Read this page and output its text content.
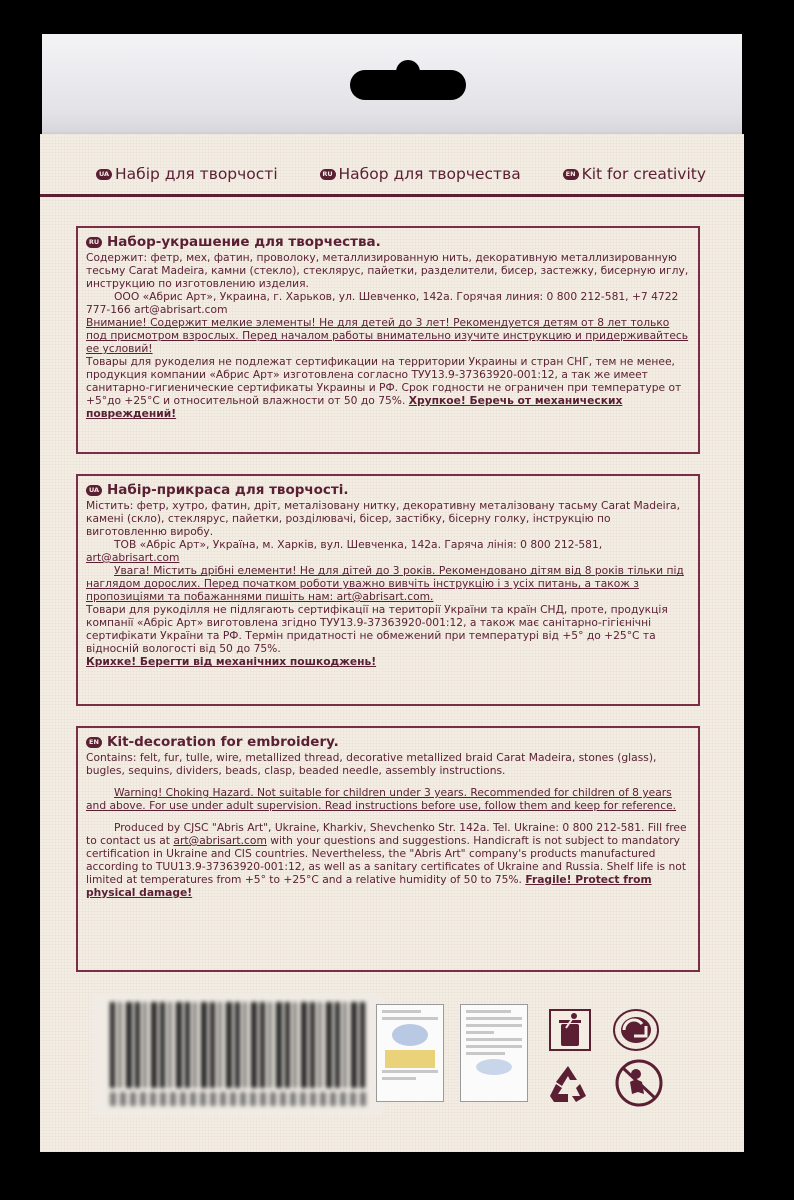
UA Набір для творчості	RU Набор для творчества	EN Kit for creativity

RU Набор-украшение для творчества.

Содержит: фетр, мех, фатин, проволоку, металлизированную нить, декоративную металлизированную тесьму Carat Madeira, камни (стекло), стеклярус, пайетки, разделители, бисер, застежку, бисерную иглу, инструкцию по изготовлению изделия.

ООО «Абрис Арт», Украина, г. Харьков, ул. Шевченко, 142а. Горячая линия: 0 800 212-581, +7 4722 777-166 art@abrisart.com

Внимание! Содержит мелкие элементы! Не для детей до 3 лет! Рекомендуется детям от 8 лет только под присмотром взрослых. Перед началом работы внимательно изучите инструкцию и придерживайтесь ее условий!

Товары для рукоделия не подлежат сертификации на территории Украины и стран СНГ, тем не менее, продукция компании «Абрис Арт» изготовлена согласно ТУУ13.9-37363920-001:12, а так же имеет санитарно-гигиенические сертификаты Украины и РФ. Срок годности не ограничен при температуре от +5°до +25°С и относительной влажности от 50 до 75%. Хрупкое! Беречь от механических повреждений!

UA Набір-прикраса для творчості.

Містить: фетр, хутро, фатин, дріт, металізовану нитку, декоративну металізовану тасьму Carat Madeira, камені (скло), стеклярус, пайетки, розділювачі, бісер, застібку, бісерну голку, інструкцію по виготовленню виробу.

ТОВ «Абріс Арт», Україна, м. Харків, вул. Шевченка, 142а. Гаряча лінія: 0 800 212-581,

art@abrisart.com

Увага! Містить дрібні елементи! Не для дітей до 3 років. Рекомендовано дітям від 8 років тільки під наглядом дорослих. Перед початком роботи уважно вивчіть інструкцію і з усіх питань, а також з пропозиціями та побажаннями пишіть нам: art@abrisart.com.

Товари для рукоділля не підлягають сертифікації на території України та країн СНД, проте, продукція компанії «Абріс Арт» виготовлена згідно ТУУ13.9-37363920-001:12, а також має санітарно-гігієнічні сертифікати України та РФ. Термін придатності не обмежений при температурі від +5° до +25°С та відносній вологості від 50 до 75%.

Крихке! Берегти від механічних пошкоджень!

EN Kit-decoration for embroidery.

Contains: felt, fur, tulle, wire, metallized thread, decorative metallized braid Carat Madeira, stones (glass), bugles, sequins, dividers, beads, clasp, beaded needle, assembly instructions.

Warning! Choking Hazard. Not suitable for children under 3 years. Recommended for children of 8 years and above. For use under adult supervision. Read instructions before use, follow them and keep for reference.

Produced by CJSC "Abris Art", Ukraine, Kharkiv, Shevchenko Str. 142a. Tel. Ukraine: 0 800 212-581. Fill free to contact us at art@abrisart.com with your questions and suggestions. Handicraft is not subject to mandatory certification in Ukraine and CIS countries. Nevertheless, the "Abris Art" company's products manufactured according to TUU13.9-37363920-001:12, as well as a sanitary certificates of Ukraine and Russia. Shelf life is not limited at temperatures from +5° to +25°C and a relative humidity of 50 to 75%. Fragile! Protect from physical damage!
